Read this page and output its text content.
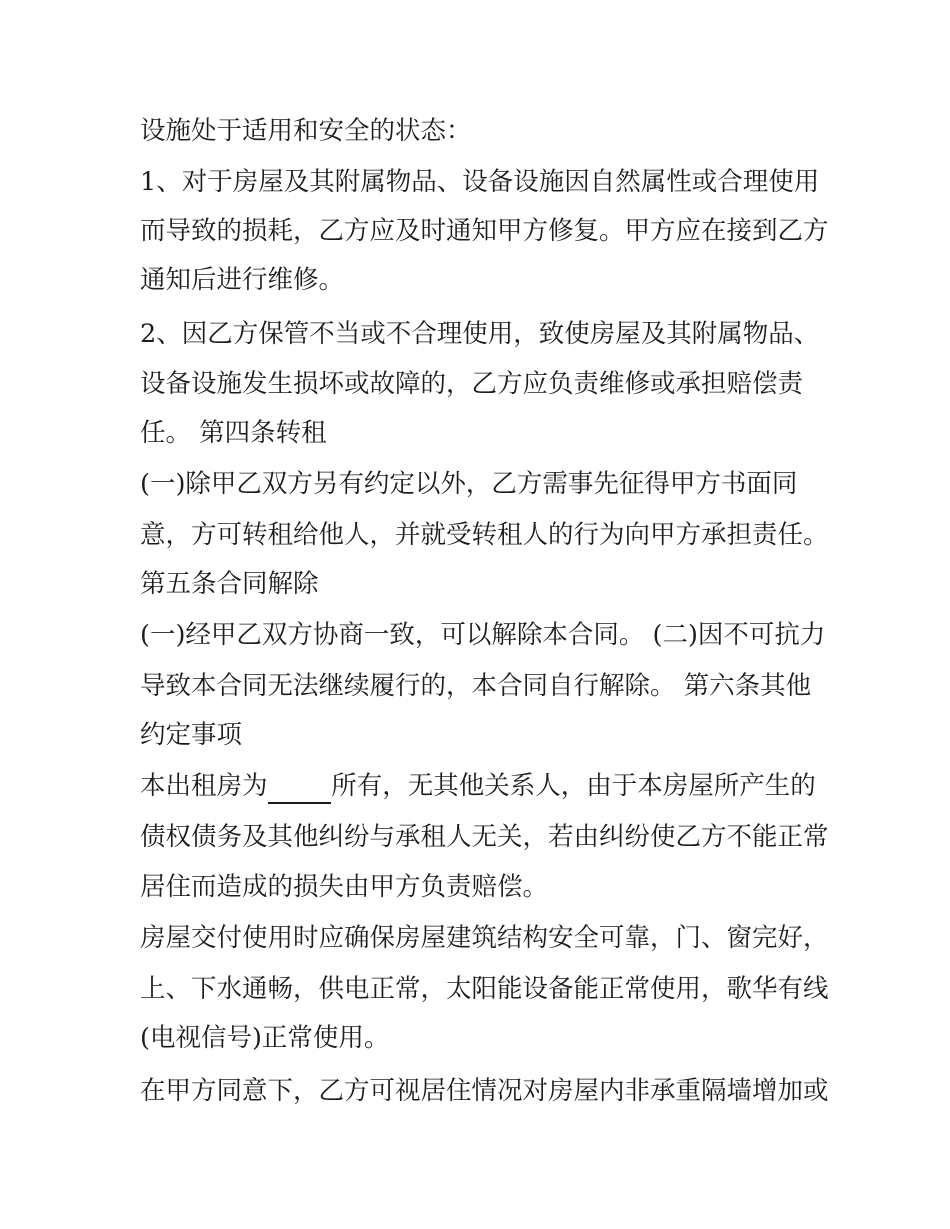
设施处于适用和安全的状态：

1、对于房屋及其附属物品、设备设施因自然属性或合理使用

而导致的损耗，乙方应及时通知甲方修复。甲方应在接到乙方

通知后进行维修。

2、因乙方保管不当或不合理使用，致使房屋及其附属物品、

设备设施发生损坏或故障的，乙方应负责维修或承担赔偿责

任。 第四条转租

(一)除甲乙双方另有约定以外，乙方需事先征得甲方书面同

意，方可转租给他人，并就受转租人的行为向甲方承担责任。

第五条合同解除

(一)经甲乙双方协商一致，可以解除本合同。 (二)因不可抗力

导致本合同无法继续履行的，本合同自行解除。 第六条其他

约定事项

本出租房为	所有，无其他关系人，由于本房屋所产生的

债权债务及其他纠纷与承租人无关，若由纠纷使乙方不能正常

居住而造成的损失由甲方负责赔偿。

房屋交付使用时应确保房屋建筑结构安全可靠，门、窗完好，

上、下水通畅，供电正常，太阳能设备能正常使用，歌华有线

(电视信号)正常使用。

在甲方同意下，乙方可视居住情况对房屋内非承重隔墙增加或
